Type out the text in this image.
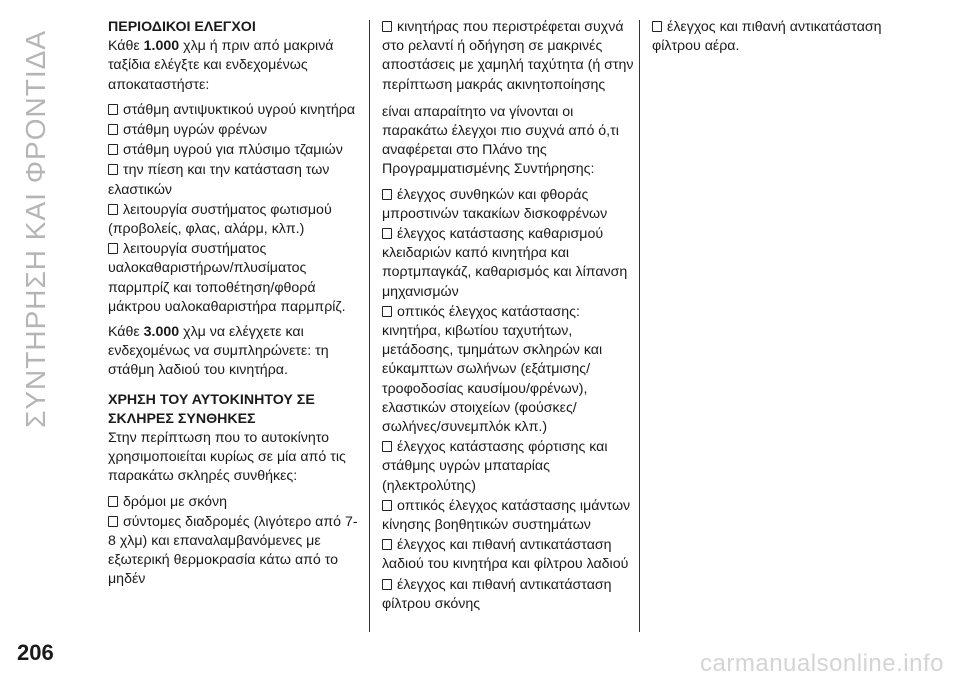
ΣΥΝΤΗΡΗΣΗ ΚΑΙ ΦΡΟΝΤΙΔΑ
ΠΕΡΙΟΔΙΚΟΙ ΕΛΕΓΧΟΙ

Κάθε 1.000 χλμ ή πριν από μακρινά ταξίδια ελέγξτε και ενδεχομένως αποκαταστήστε:

στάθμη αντιψυκτικού υγρού κινητήρα
στάθμη υγρών φρένων
στάθμη υγρού για πλύσιμο τζαμιών
την πίεση και την κατάσταση των ελαστικών
λειτουργία συστήματος φωτισμού (προβολείς, φλας, αλάρμ, κλπ.)
λειτουργία συστήματος υαλοκαθαριστήρων/πλυσίματος παρμπρίζ και τοποθέτηση/φθορά μάκτρου υαλοκαθαριστήρα παρμπρίζ.

Κάθε 3.000 χλμ να ελέγχετε και ενδεχομένως να συμπληρώνετε: τη στάθμη λαδιού του κινητήρα.

ΧΡΗΣΗ ΤΟΥ ΑΥΤΟΚΙΝΗΤΟΥ ΣΕ ΣΚΛΗΡΕΣ ΣΥΝΘΗΚΕΣ

Στην περίπτωση που το αυτοκίνητο χρησιμοποιείται κυρίως σε μία από τις παρακάτω σκληρές συνθήκες:

δρόμοι με σκόνη
σύντομες διαδρομές (λιγότερο από 7-8 χλμ) και επαναλαμβανόμενες με εξωτερική θερμοκρασία κάτω από το μηδέν
κινητήρας που περιστρέφεται συχνά στο ρελαντί ή οδήγηση σε μακρινές αποστάσεις με χαμηλή ταχύτητα (ή στην περίπτωση μακράς ακινητοποίησης

είναι απαραίτητο να γίνονται οι παρακάτω έλεγχοι πιο συχνά από ό,τι αναφέρεται στο Πλάνο της Προγραμματισμένης Συντήρησης:

έλεγχος συνθηκών και φθοράς μπροστινών τακακίων δισκοφρένων
έλεγχος κατάστασης καθαρισμού κλειδαριών καπό κινητήρα και πορτμπαγκάζ, καθαρισμός και λίπανση μηχανισμών
οπτικός έλεγχος κατάστασης: κινητήρα, κιβωτίου ταχυτήτων, μετάδοσης, τμημάτων σκληρών και εύκαμπτων σωλήνων (εξάτμισης/τροφοδοσίας καυσίμου/φρένων), ελαστικών στοιχείων (φούσκες/σωλήνες/συνεμπλόκ κλπ.)
έλεγχος κατάστασης φόρτισης και στάθμης υγρών μπαταρίας (ηλεκτρολύτης)
οπτικός έλεγχος κατάστασης ιμάντων κίνησης βοηθητικών συστημάτων
έλεγχος και πιθανή αντικατάσταση λαδιού του κινητήρα και φίλτρου λαδιού
έλεγχος και πιθανή αντικατάσταση φίλτρου σκόνης
έλεγχος και πιθανή αντικατάσταση φίλτρου αέρα.
206	carmanualsonline.info
